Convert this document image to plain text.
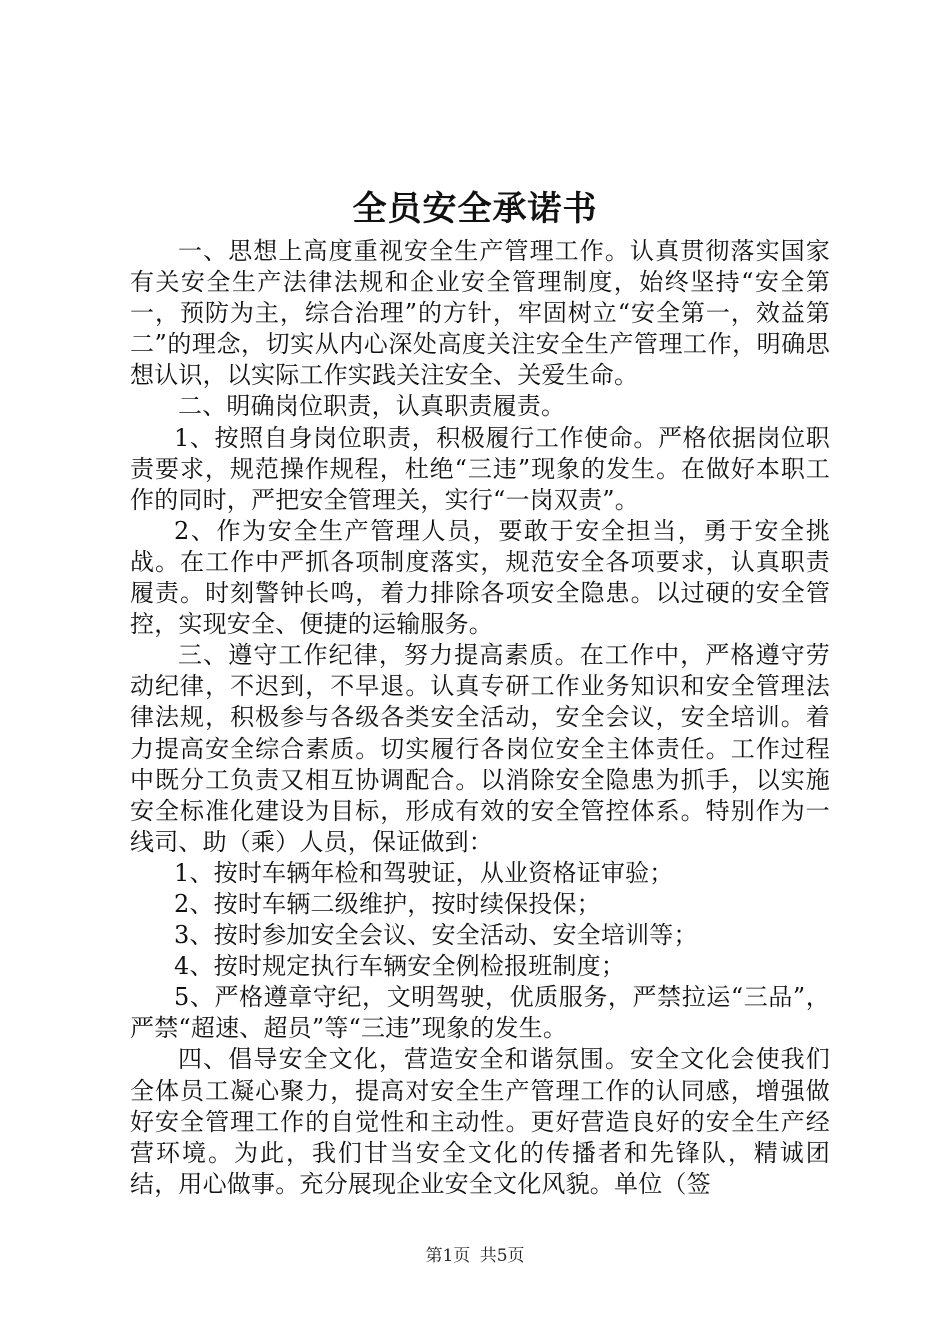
全员安全承诺书

一、思想上高度重视安全生产管理工作。认真贯彻落实国家有关安全生产法律法规和企业安全管理制度，始终坚持“安全第一，预防为主，综合治理”的方针，牢固树立“安全第一，效益第二”的理念，切实从内心深处高度关注安全生产管理工作，明确思想认识，以实际工作实践关注安全、关爱生命。

二、明确岗位职责，认真职责履责。

1、按照自身岗位职责，积极履行工作使命。严格依据岗位职责要求，规范操作规程，杜绝“三违”现象的发生。在做好本职工作的同时，严把安全管理关，实行“一岗双责”。

2、作为安全生产管理人员，要敢于安全担当，勇于安全挑战。在工作中严抓各项制度落实，规范安全各项要求，认真职责履责。时刻警钟长鸣，着力排除各项安全隐患。以过硬的安全管控，实现安全、便捷的运输服务。

三、遵守工作纪律，努力提高素质。在工作中，严格遵守劳动纪律，不迟到，不早退。认真专研工作业务知识和安全管理法律法规，积极参与各级各类安全活动，安全会议，安全培训。着力提高安全综合素质。切实履行各岗位安全主体责任。工作过程中既分工负责又相互协调配合。以消除安全隐患为抓手，以实施安全标准化建设为目标，形成有效的安全管控体系。特别作为一线司、助（乘）人员，保证做到：

1、按时车辆年检和驾驶证，从业资格证审验；

2、按时车辆二级维护，按时续保投保；

3、按时参加安全会议、安全活动、安全培训等；

4、按时规定执行车辆安全例检报班制度；

5、严格遵章守纪，文明驾驶，优质服务，严禁拉运“三品”，严禁“超速、超员”等“三违”现象的发生。

四、倡导安全文化，营造安全和谐氛围。安全文化会使我们全体员工凝心聚力，提高对安全生产管理工作的认同感，增强做好安全管理工作的自觉性和主动性。更好营造良好的安全生产经营环境。为此，我们甘当安全文化的传播者和先锋队，精诚团结，用心做事。充分展现企业安全文化风貌。单位（签

第1页 共5页
